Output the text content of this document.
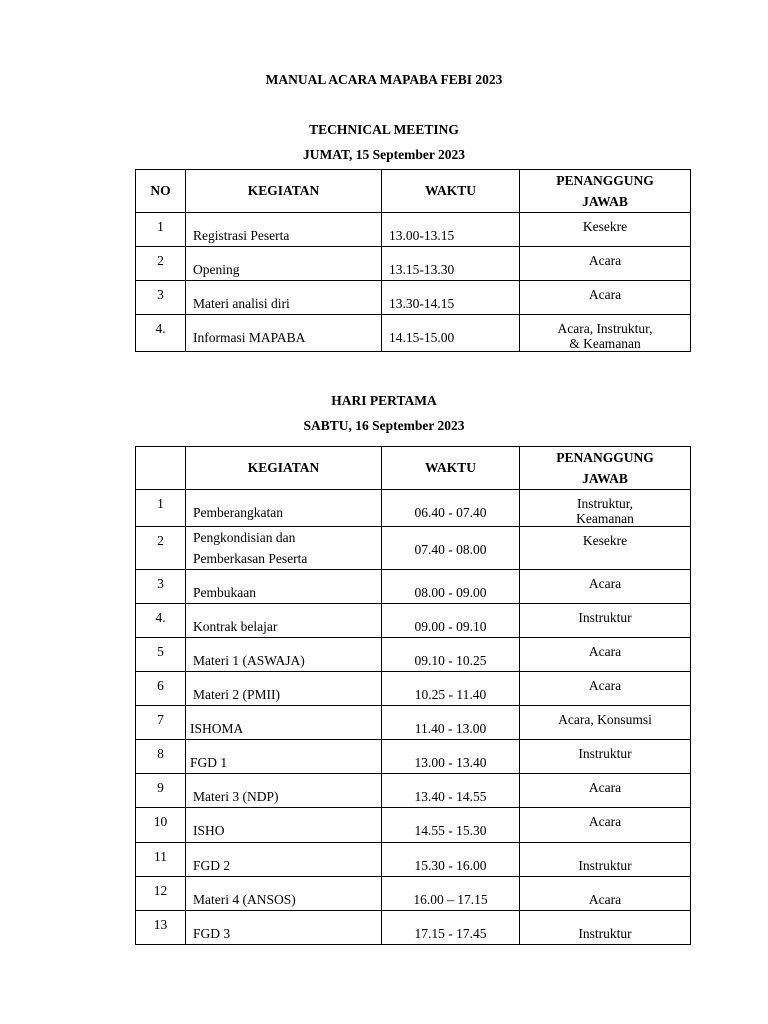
MANUAL ACARA MAPABA FEBI 2023
TECHNICAL MEETING
JUMAT, 15 September 2023
NO	KEGIATAN	WAKTU	PENANGGUNG
JAWAB
1	Registrasi Peserta	13.00-13.15	Kesekre
2	Opening	13.15-13.30	Acara
3	Materi analisi diri	13.30-14.15	Acara
4.	Informasi MAPABA	14.15-15.00	Acara, Instruktur,
& Keamanan
HARI PERTAMA
SABTU, 16 September 2023
	KEGIATAN	WAKTU	PENANGGUNG
JAWAB
1	Pemberangkatan	06.40 - 07.40	Instruktur,
Keamanan
2	Pengkondisian dan
Pemberkasan Peserta	07.40 - 08.00	Kesekre
3	Pembukaan	08.00 - 09.00	Acara
4.	Kontrak belajar	09.00 - 09.10	Instruktur
5	Materi 1 (ASWAJA)	09.10 - 10.25	Acara
6	Materi 2 (PMII)	10.25 - 11.40	Acara
7	ISHOMA	11.40 - 13.00	Acara, Konsumsi
8	FGD 1	13.00 - 13.40	Instruktur
9	Materi 3 (NDP)	13.40 - 14.55	Acara
10	ISHO	14.55 - 15.30	Acara
11	FGD 2	15.30 - 16.00	Instruktur
12	Materi 4 (ANSOS)	16.00 – 17.15	Acara
13	FGD 3	17.15 - 17.45	Instruktur
